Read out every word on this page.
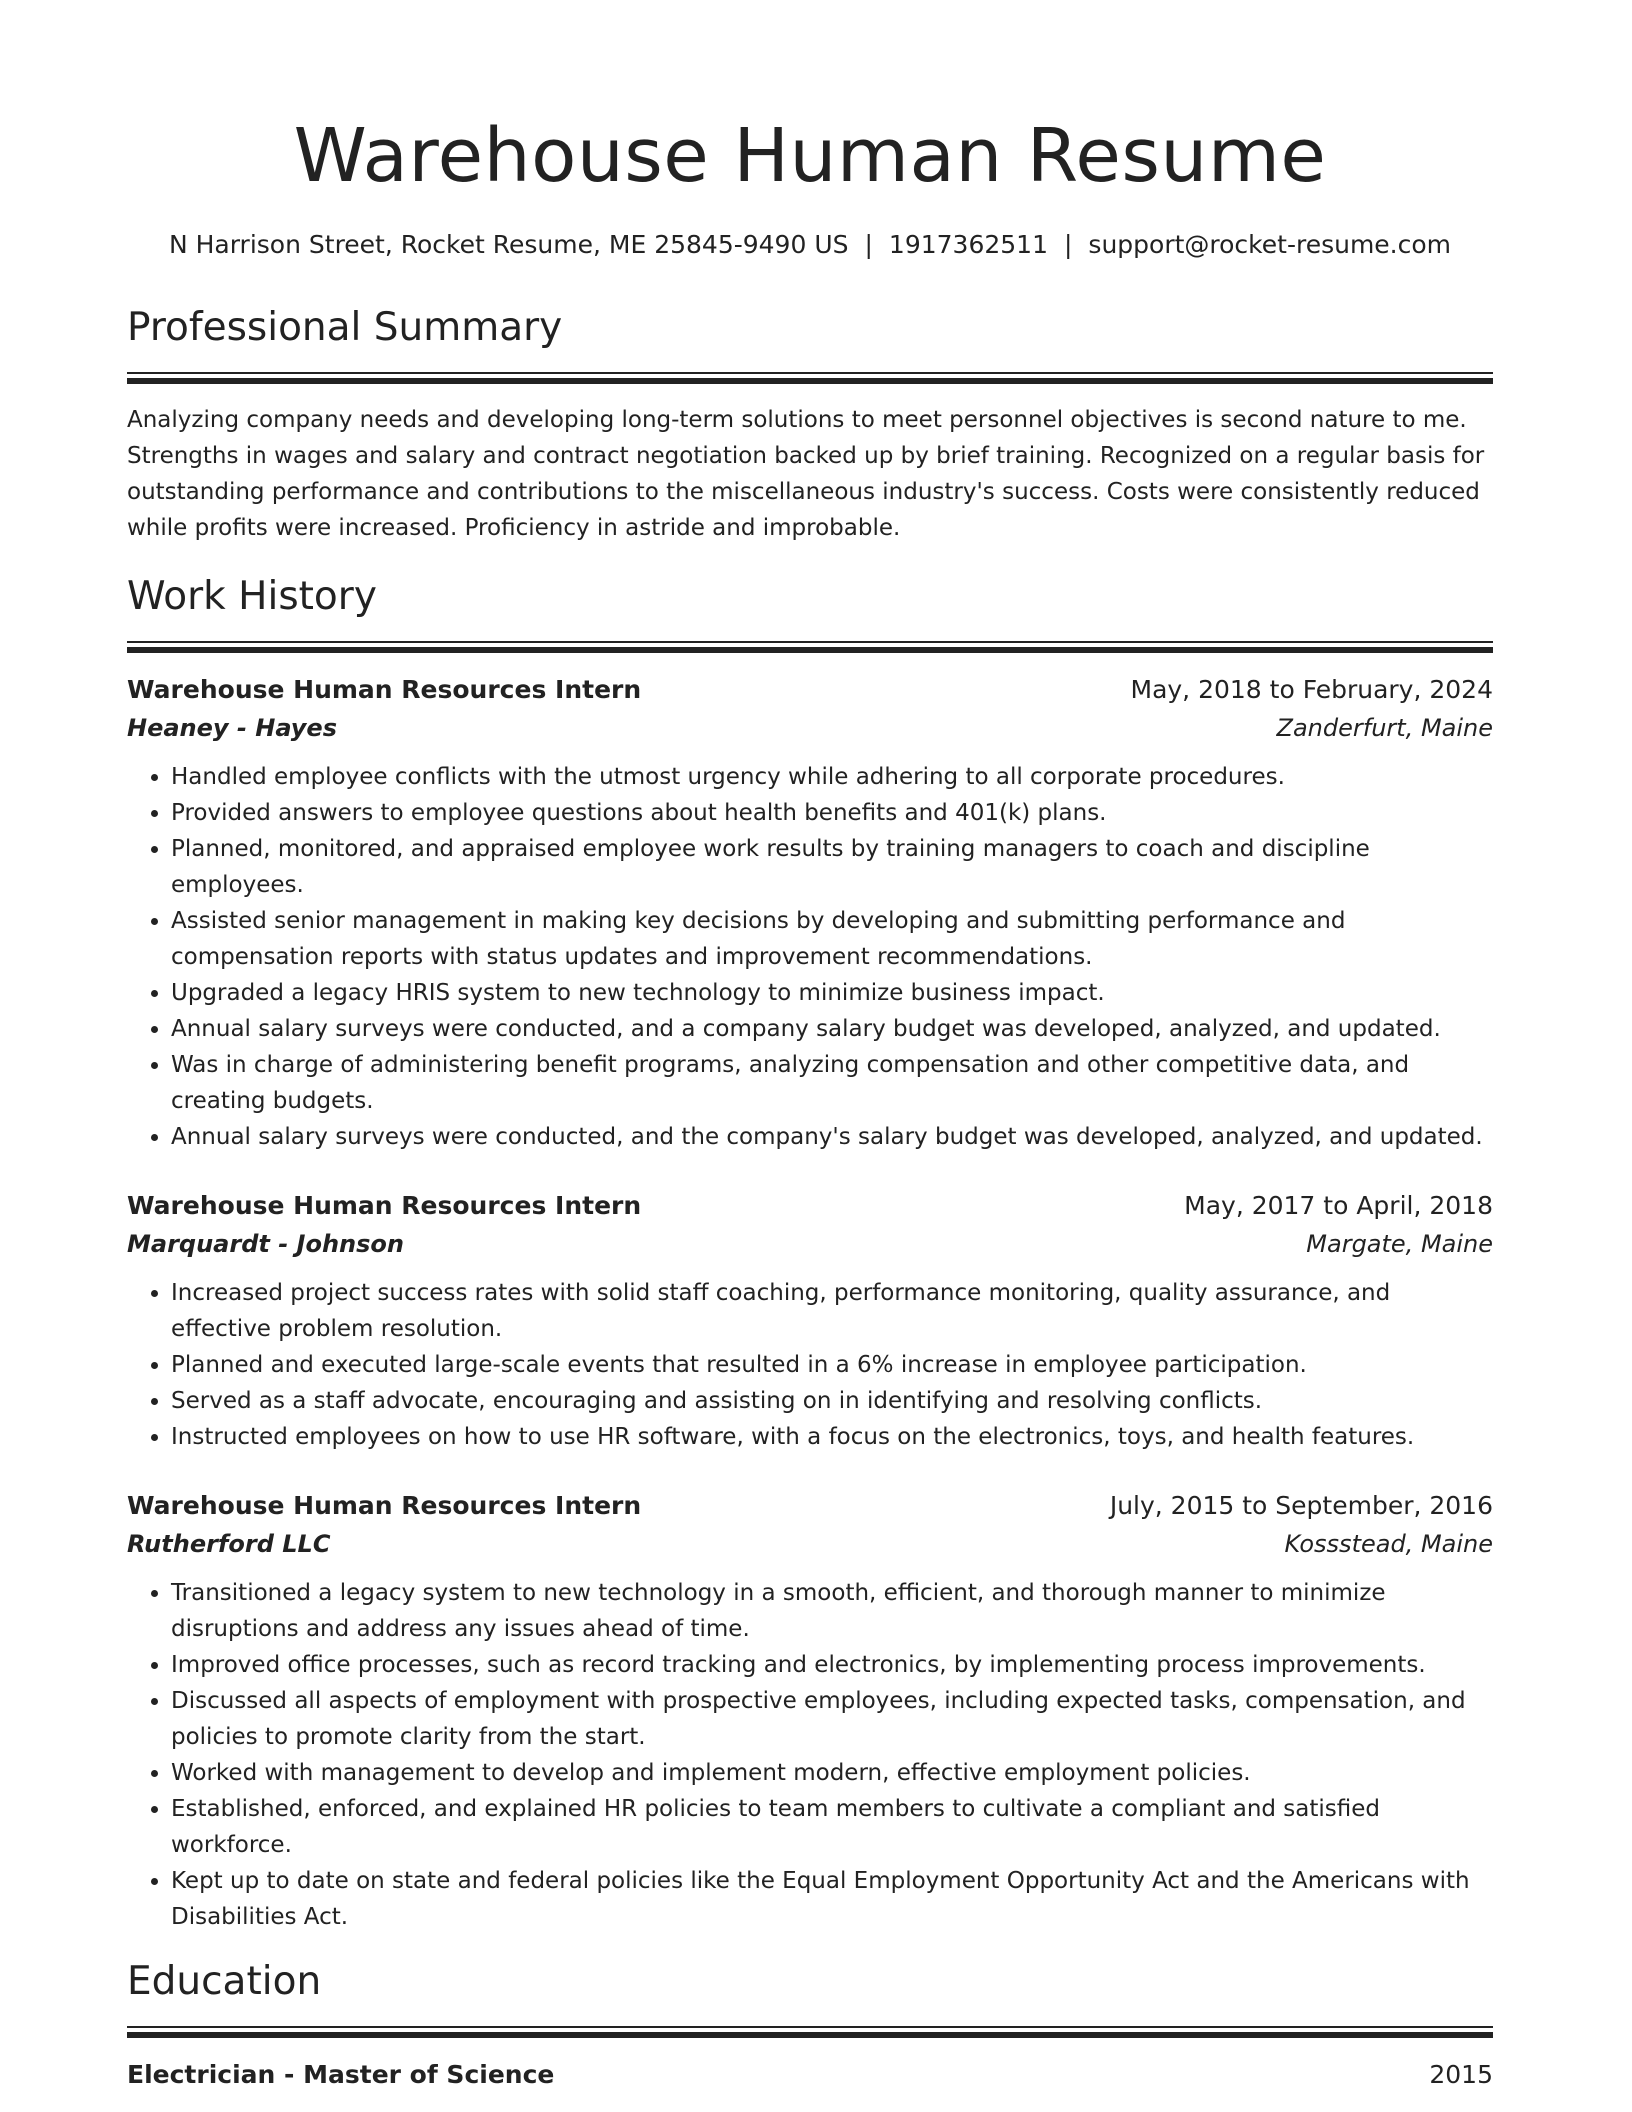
Warehouse Human Resume
N Harrison Street, Rocket Resume, ME 25845-9490 US | 1917362511 | support@rocket-resume.com
Professional Summary

Analyzing company needs and developing long-term solutions to meet personnel objectives is second nature to me. Strengths in wages and salary and contract negotiation backed up by brief training. Recognized on a regular basis for outstanding performance and contributions to the miscellaneous industry's success. Costs were consistently reduced while profits were increased. Proficiency in astride and improbable.

Work History
Warehouse Human Resources Intern	May, 2018 to February, 2024
Heaney - Hayes	Zanderfurt, Maine
• Handled employee conflicts with the utmost urgency while adhering to all corporate procedures.
• Provided answers to employee questions about health benefits and 401(k) plans.
• Planned, monitored, and appraised employee work results by training managers to coach and discipline employees.
• Assisted senior management in making key decisions by developing and submitting performance and compensation reports with status updates and improvement recommendations.
• Upgraded a legacy HRIS system to new technology to minimize business impact.
• Annual salary surveys were conducted, and a company salary budget was developed, analyzed, and updated.
• Was in charge of administering benefit programs, analyzing compensation and other competitive data, and creating budgets.
• Annual salary surveys were conducted, and the company's salary budget was developed, analyzed, and updated.
Warehouse Human Resources Intern	May, 2017 to April, 2018
Marquardt - Johnson	Margate, Maine
• Increased project success rates with solid staff coaching, performance monitoring, quality assurance, and effective problem resolution.
• Planned and executed large-scale events that resulted in a 6% increase in employee participation.
• Served as a staff advocate, encouraging and assisting on in identifying and resolving conflicts.
• Instructed employees on how to use HR software, with a focus on the electronics, toys, and health features.
Warehouse Human Resources Intern	July, 2015 to September, 2016
Rutherford LLC	Kossstead, Maine
• Transitioned a legacy system to new technology in a smooth, efficient, and thorough manner to minimize disruptions and address any issues ahead of time.
• Improved office processes, such as record tracking and electronics, by implementing process improvements.
• Discussed all aspects of employment with prospective employees, including expected tasks, compensation, and policies to promote clarity from the start.
• Worked with management to develop and implement modern, effective employment policies.
• Established, enforced, and explained HR policies to team members to cultivate a compliant and satisfied workforce.
• Kept up to date on state and federal policies like the Equal Employment Opportunity Act and the Americans with Disabilities Act.
Education
Electrician - Master of Science	2015
